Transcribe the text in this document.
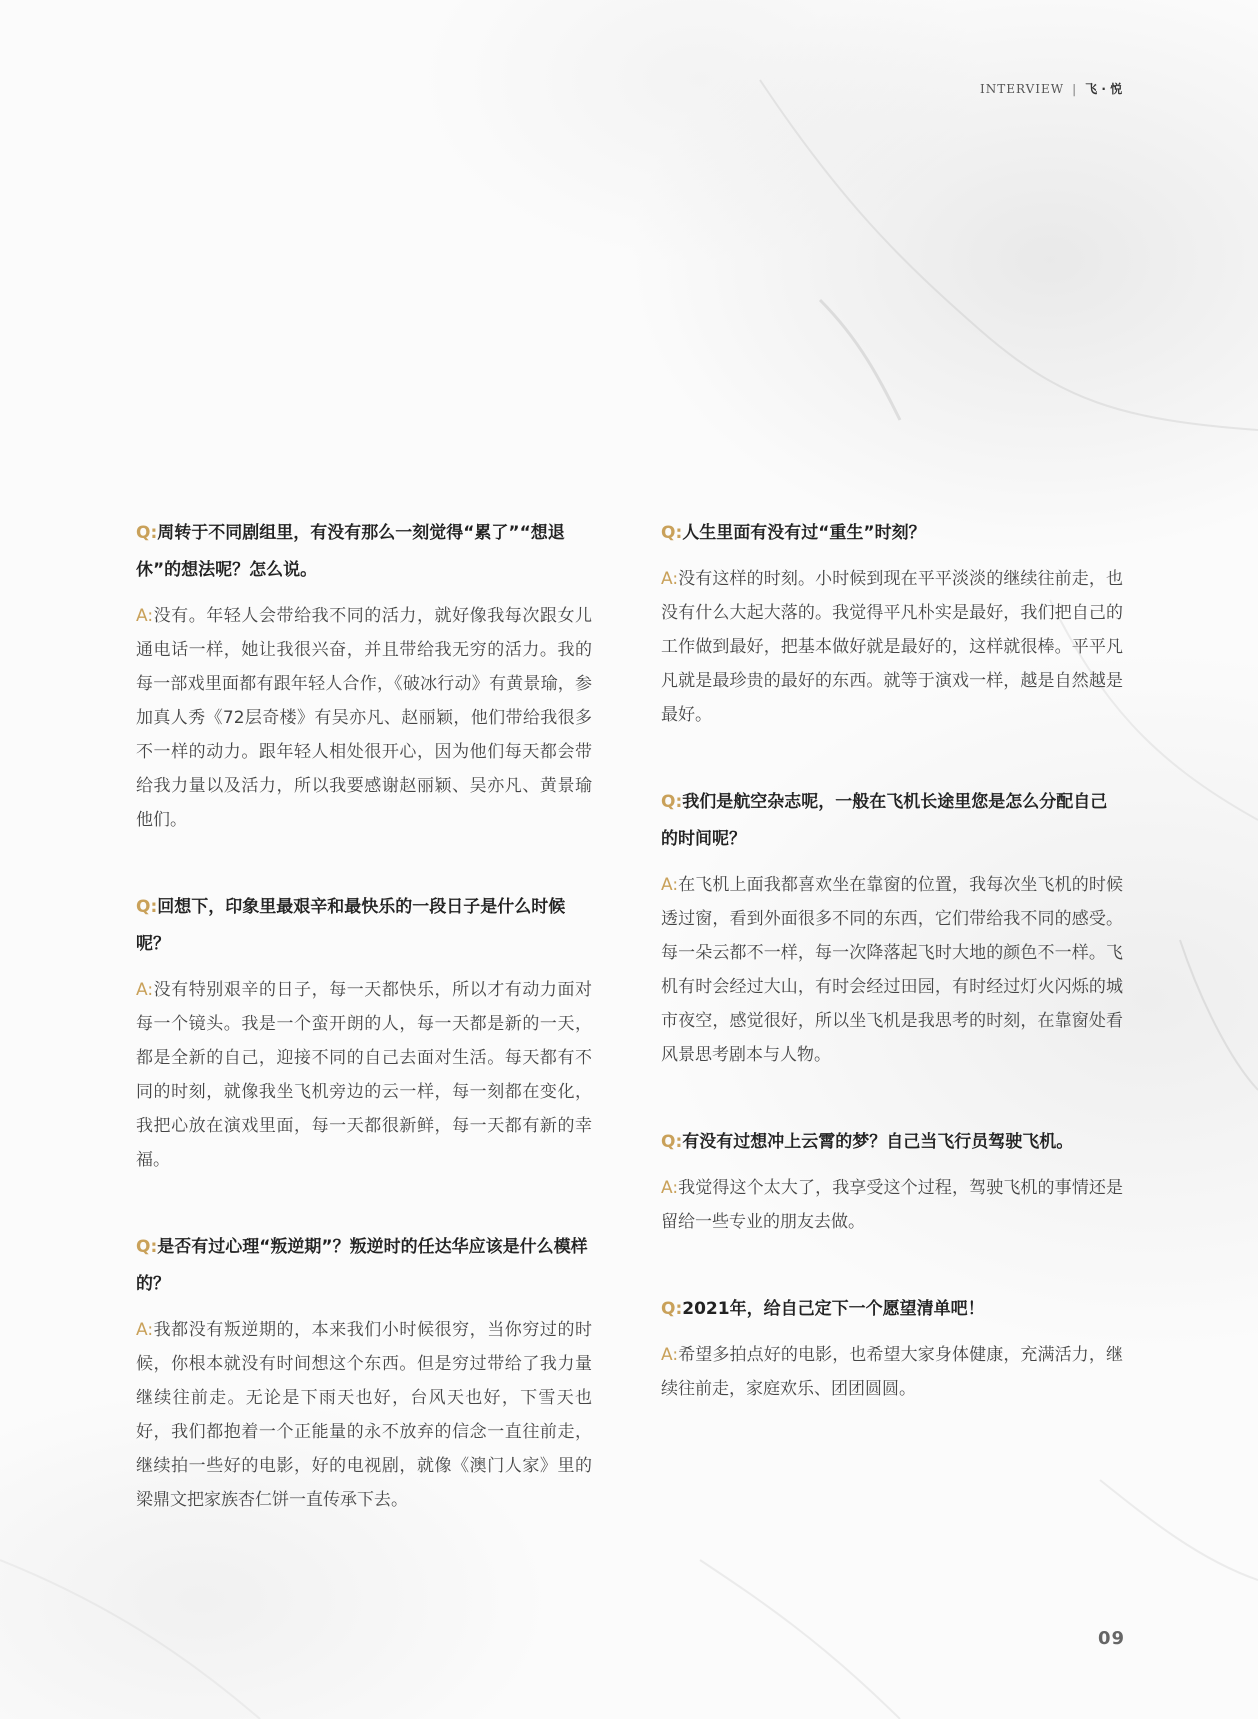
INTERVIEW | 飞 · 悦

Q:周转于不同剧组里，有没有那么一刻觉得“累了”“想退休”的想法呢？怎么说。

A:没有。年轻人会带给我不同的活力，就好像我每次跟女儿通电话一样，她让我很兴奋，并且带给我无穷的活力。我的每一部戏里面都有跟年轻人合作，《破冰行动》有黄景瑜，参加真人秀《72层奇楼》有吴亦凡、赵丽颖，他们带给我很多不一样的动力。跟年轻人相处很开心，因为他们每天都会带给我力量以及活力，所以我要感谢赵丽颖、吴亦凡、黄景瑜他们。

Q:回想下，印象里最艰辛和最快乐的一段日子是什么时候呢？

A:没有特别艰辛的日子，每一天都快乐，所以才有动力面对每一个镜头。我是一个蛮开朗的人，每一天都是新的一天，都是全新的自己，迎接不同的自己去面对生活。每天都有不同的时刻，就像我坐飞机旁边的云一样，每一刻都在变化，我把心放在演戏里面，每一天都很新鲜，每一天都有新的幸福。

Q:是否有过心理“叛逆期”？叛逆时的任达华应该是什么模样的？

A:我都没有叛逆期的，本来我们小时候很穷，当你穷过的时候，你根本就没有时间想这个东西。但是穷过带给了我力量继续往前走。无论是下雨天也好，台风天也好，下雪天也好，我们都抱着一个正能量的永不放弃的信念一直往前走，继续拍一些好的电影，好的电视剧，就像《澳门人家》里的梁鼎文把家族杏仁饼一直传承下去。

Q:人生里面有没有过“重生”时刻？

A:没有这样的时刻。小时候到现在平平淡淡的继续往前走，也没有什么大起大落的。我觉得平凡朴实是最好，我们把自己的工作做到最好，把基本做好就是最好的，这样就很棒。平平凡凡就是最珍贵的最好的东西。就等于演戏一样，越是自然越是最好。

Q:我们是航空杂志呢，一般在飞机长途里您是怎么分配自己的时间呢？

A:在飞机上面我都喜欢坐在靠窗的位置，我每次坐飞机的时候透过窗，看到外面很多不同的东西，它们带给我不同的感受。每一朵云都不一样，每一次降落起飞时大地的颜色不一样。飞机有时会经过大山，有时会经过田园，有时经过灯火闪烁的城市夜空，感觉很好，所以坐飞机是我思考的时刻，在靠窗处看风景思考剧本与人物。

Q:有没有过想冲上云霄的梦？自己当飞行员驾驶飞机。

A:我觉得这个太大了，我享受这个过程，驾驶飞机的事情还是留给一些专业的朋友去做。

Q:2021年，给自己定下一个愿望清单吧！

A:希望多拍点好的电影，也希望大家身体健康，充满活力，继续往前走，家庭欢乐、团团圆圆。

09
